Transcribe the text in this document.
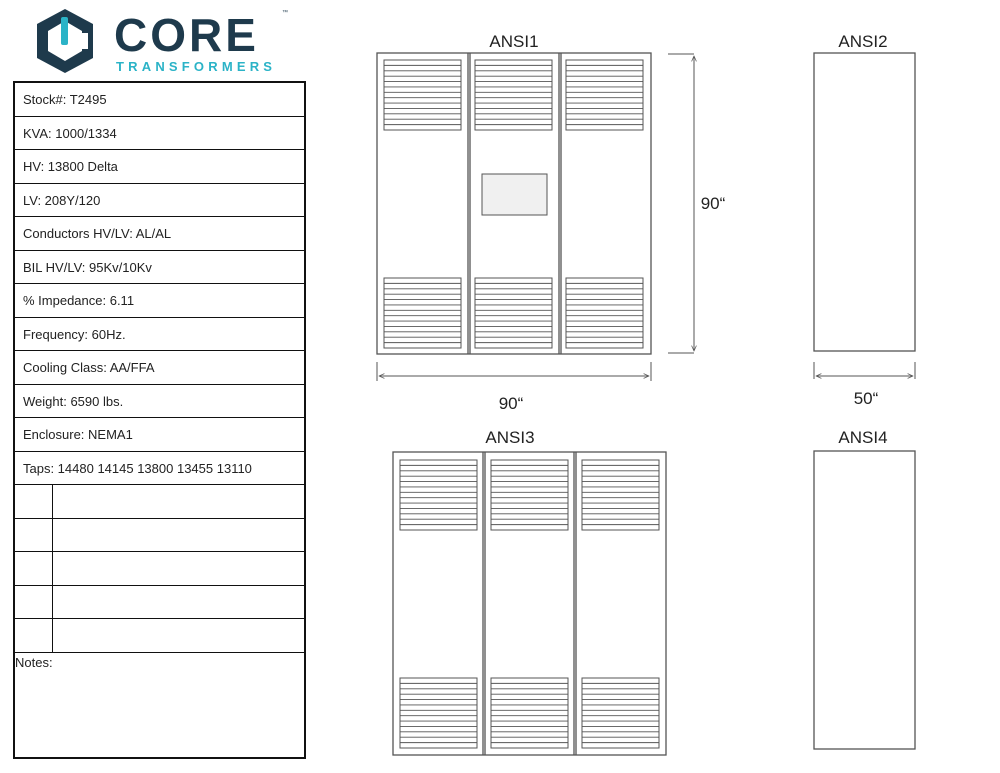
CORE	™
TRANSFORMERS
Stock#: T2495
KVA: 1000/1334
HV: 13800 Delta
LV: 208Y/120
Conductors HV/LV: AL/AL
BIL HV/LV: 95Kv/10Kv
% Impedance: 6.11
Frequency: 60Hz.
Cooling Class: AA/FFA
Weight: 6590 lbs.
Enclosure: NEMA1
Taps: 14480 14145 13800 13455 13110
Notes:
ANSI1
90“
90“
ANSI2
50“
ANSI3	ANSI4
